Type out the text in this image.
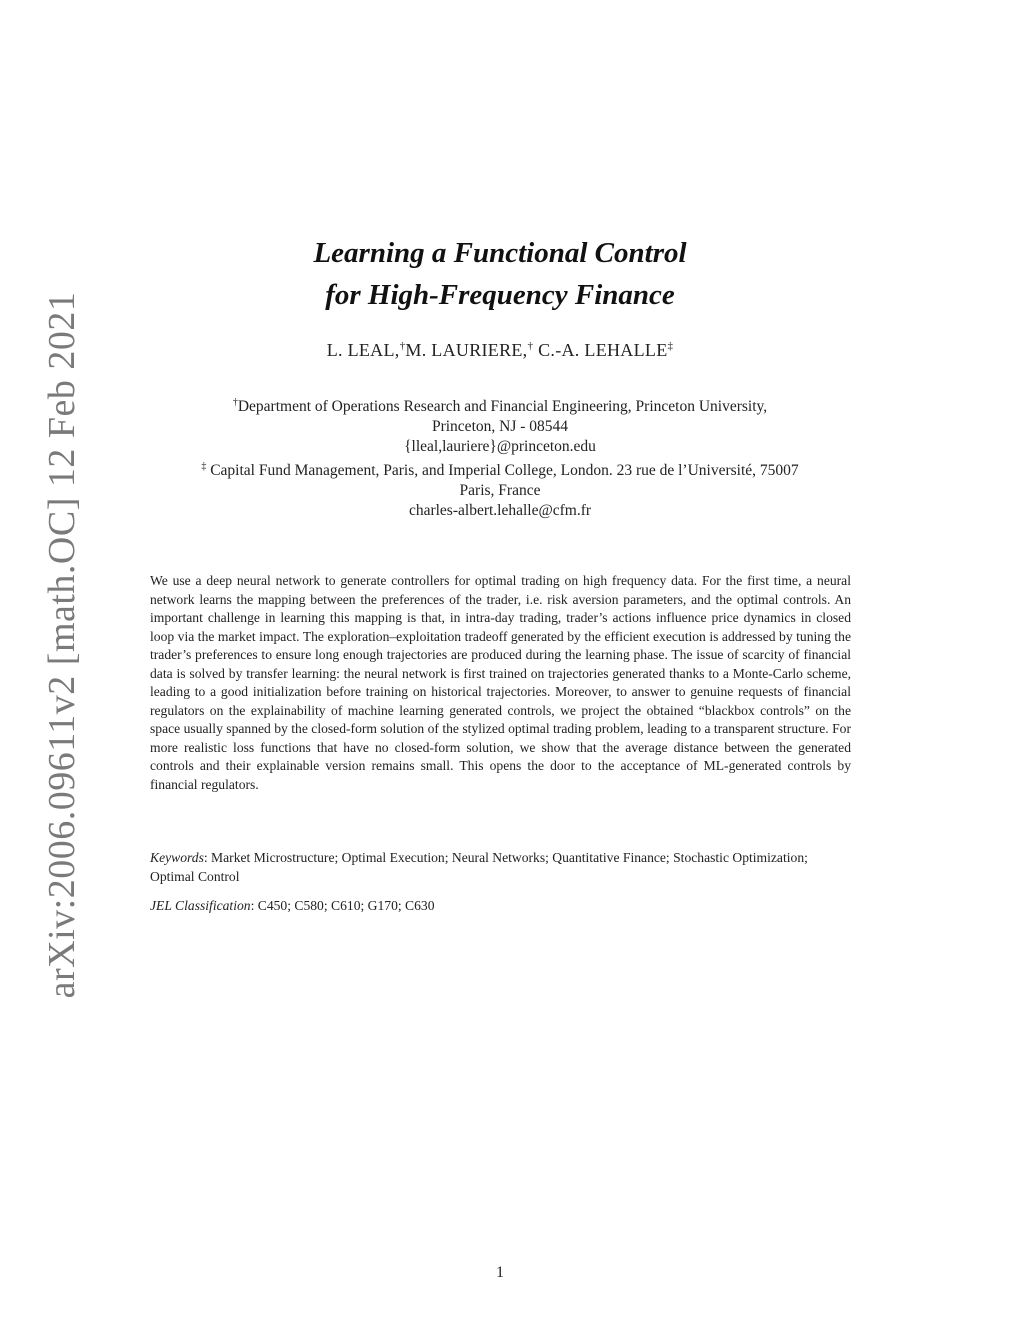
arXiv:2006.09611v2 [math.OC] 12 Feb 2021
Learning a Functional Control
for High-Frequency Finance
L. LEAL,†M. LAURIERE,† C.-A. LEHALLE‡
†Department of Operations Research and Financial Engineering, Princeton University,
Princeton, NJ - 08544
{lleal,lauriere}@princeton.edu
‡ Capital Fund Management, Paris, and Imperial College, London. 23 rue de l’Université, 75007
Paris, France
charles-albert.lehalle@cfm.fr

We use a deep neural network to generate controllers for optimal trading on high frequency data. For the first time, a neural network learns the mapping between the preferences of the trader, i.e. risk aversion parameters, and the optimal controls. An important challenge in learning this mapping is that, in intra-day trading, trader’s actions influence price dynamics in closed loop via the market impact. The exploration–exploitation tradeoff generated by the efficient execution is addressed by tuning the trader’s preferences to ensure long enough trajectories are produced during the learning phase. The issue of scarcity of financial data is solved by transfer learning: the neural network is first trained on trajectories generated thanks to a Monte-Carlo scheme, leading to a good initialization before training on historical trajectories. Moreover, to answer to genuine requests of financial regulators on the explainability of machine learning generated controls, we project the obtained “blackbox controls” on the space usually spanned by the closed-form solution of the stylized optimal trading problem, leading to a transparent structure. For more realistic loss functions that have no closed-form solution, we show that the average distance between the generated controls and their explainable version remains small. This opens the door to the acceptance of ML-generated controls by financial regulators.

Keywords: Market Microstructure; Optimal Execution; Neural Networks; Quantitative Finance; Stochastic Optimization; Optimal Control

JEL Classification: C450; C580; C610; G170; C630

1
